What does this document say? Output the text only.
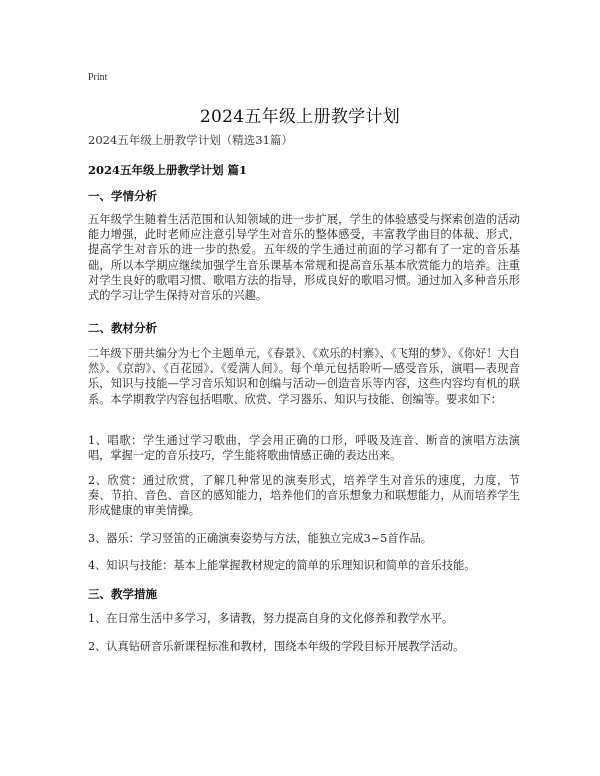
Print
2024五年级上册教学计划
2024五年级上册教学计划（精选31篇）
2024五年级上册教学计划 篇1
一、学情分析

五年级学生随着生活范围和认知领域的进一步扩展，学生的体验感受与探索创造的活动能力增强，此时老师应注意引导学生对音乐的整体感受，丰富教学曲目的体裁、形式，提高学生对音乐的进一步的热爱。五年级的学生通过前面的学习都有了一定的音乐基础，所以本学期应继续加强学生音乐课基本常规和提高音乐基本欣赏能力的培养。注重对学生良好的歌唱习惯、歌唱方法的指导，形成良好的歌唱习惯。通过加入多种音乐形式的学习让学生保持对音乐的兴趣。

二、教材分析

二年级下册共编分为七个主题单元，《春景》、《欢乐的村寨》、《飞翔的梦》、《你好！大自然》、《京韵》、《百花园》、《爱满人间》。每个单元包括聆听—感受音乐，演唱—表现音乐，知识与技能—学习音乐知识和创编与活动—创造音乐等内容，这些内容均有机的联系。本学期教学内容包括唱歌、欣赏、学习器乐、知识与技能、创编等。要求如下：

1、唱歌：学生通过学习歌曲，学会用正确的口形，呼吸及连音、断音的演唱方法演唱，掌握一定的音乐技巧，学生能将歌曲情感正确的表达出来。

2、欣赏：通过欣赏，了解几种常见的演奏形式，培养学生对音乐的速度，力度，节奏、节拍、音色、音区的感知能力，培养他们的音乐想象力和联想能力，从而培养学生形成健康的审美情操。

3、器乐：学习竖笛的正确演奏姿势与方法，能独立完成3~5首作品。

4、知识与技能：基本上能掌握教材规定的简单的乐理知识和简单的音乐技能。

三、教学措施

1、在日常生活中多学习，多请教，努力提高自身的文化修养和教学水平。

2、认真钻研音乐新课程标准和教材，围绕本年级的学段目标开展教学活动。
